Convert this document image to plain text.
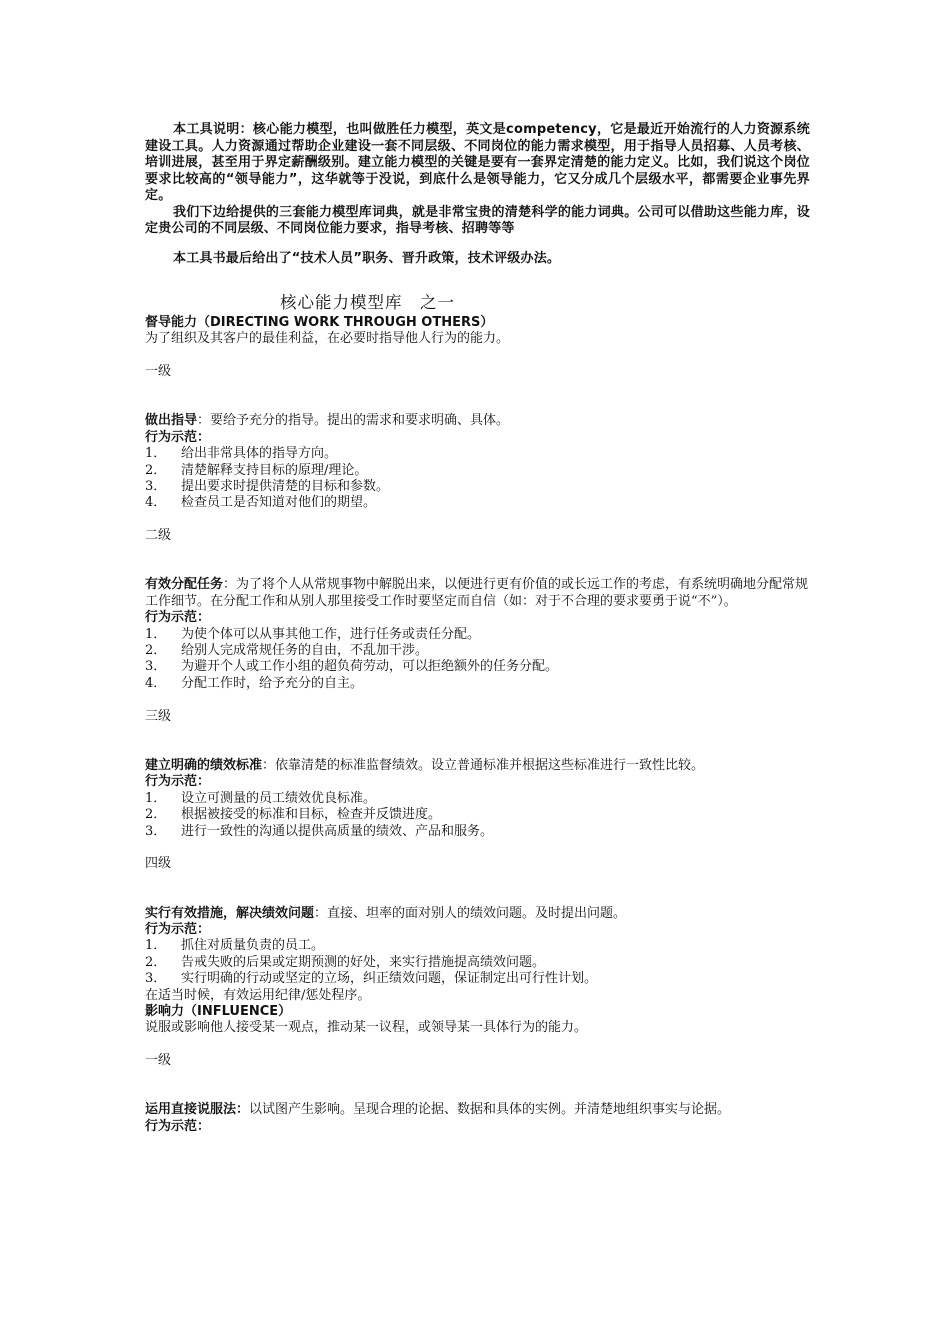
本工具说明：核心能力模型，也叫做胜任力模型，英文是competency，它是最近开始流行的人力资源系统建设工具。人力资源通过帮助企业建设一套不同层级、不同岗位的能力需求模型，用于指导人员招募、人员考核、培训进展，甚至用于界定薪酬级别。建立能力模型的关键是要有一套界定清楚的能力定义。比如，我们说这个岗位要求比较高的“领导能力”，这华就等于没说，到底什么是领导能力，它又分成几个层级水平，都需要企业事先界定。

我们下边给提供的三套能力模型库词典，就是非常宝贵的清楚科学的能力词典。公司可以借助这些能力库，设定贵公司的不同层级、不同岗位能力要求，指导考核、招聘等等

本工具书最后给出了“技术人员”职务、晋升政策，技术评级办法。

核心能力模型库　之一

督导能力（DIRECTING WORK THROUGH OTHERS）

为了组织及其客户的最佳利益，在必要时指导他人行为的能力。

一级

做出指导：要给予充分的指导。提出的需求和要求明确、具体。

行为示范：

1．	给出非常具体的指导方向。
2．	清楚解释支持目标的原理/理论。
3．	提出要求时提供清楚的目标和参数。
4．	检查员工是否知道对他们的期望。

二级

有效分配任务：为了将个人从常规事物中解脱出来，以便进行更有价值的或长远工作的考虑，有系统明确地分配常规工作细节。在分配工作和从别人那里接受工作时要坚定而自信（如：对于不合理的要求要勇于说“不”）。

行为示范：

1．	为使个体可以从事其他工作，进行任务或责任分配。
2．	给别人完成常规任务的自由，不乱加干涉。
3．	为避开个人或工作小组的超负荷劳动，可以拒绝额外的任务分配。
4．	分配工作时，给予充分的自主。

三级

建立明确的绩效标准：依靠清楚的标准监督绩效。设立普通标准并根据这些标准进行一致性比较。

行为示范：

1．	设立可测量的员工绩效优良标准。
2．	根据被接受的标准和目标，检查并反馈进度。
3．	进行一致性的沟通以提供高质量的绩效、产品和服务。

四级

实行有效措施，解决绩效问题：直接、坦率的面对别人的绩效问题。及时提出问题。

行为示范：

1．	抓住对质量负责的员工。
2．	告戒失败的后果或定期预测的好处，来实行措施提高绩效问题。
3．	实行明确的行动或坚定的立场，纠正绩效问题，保证制定出可行性计划。

在适当时候，有效运用纪律/惩处程序。

影响力（INFLUENCE）

说服或影响他人接受某一观点，推动某一议程，或领导某一具体行为的能力。

一级

运用直接说服法：以试图产生影响。呈现合理的论据、数据和具体的实例。并清楚地组织事实与论据。

行为示范：
